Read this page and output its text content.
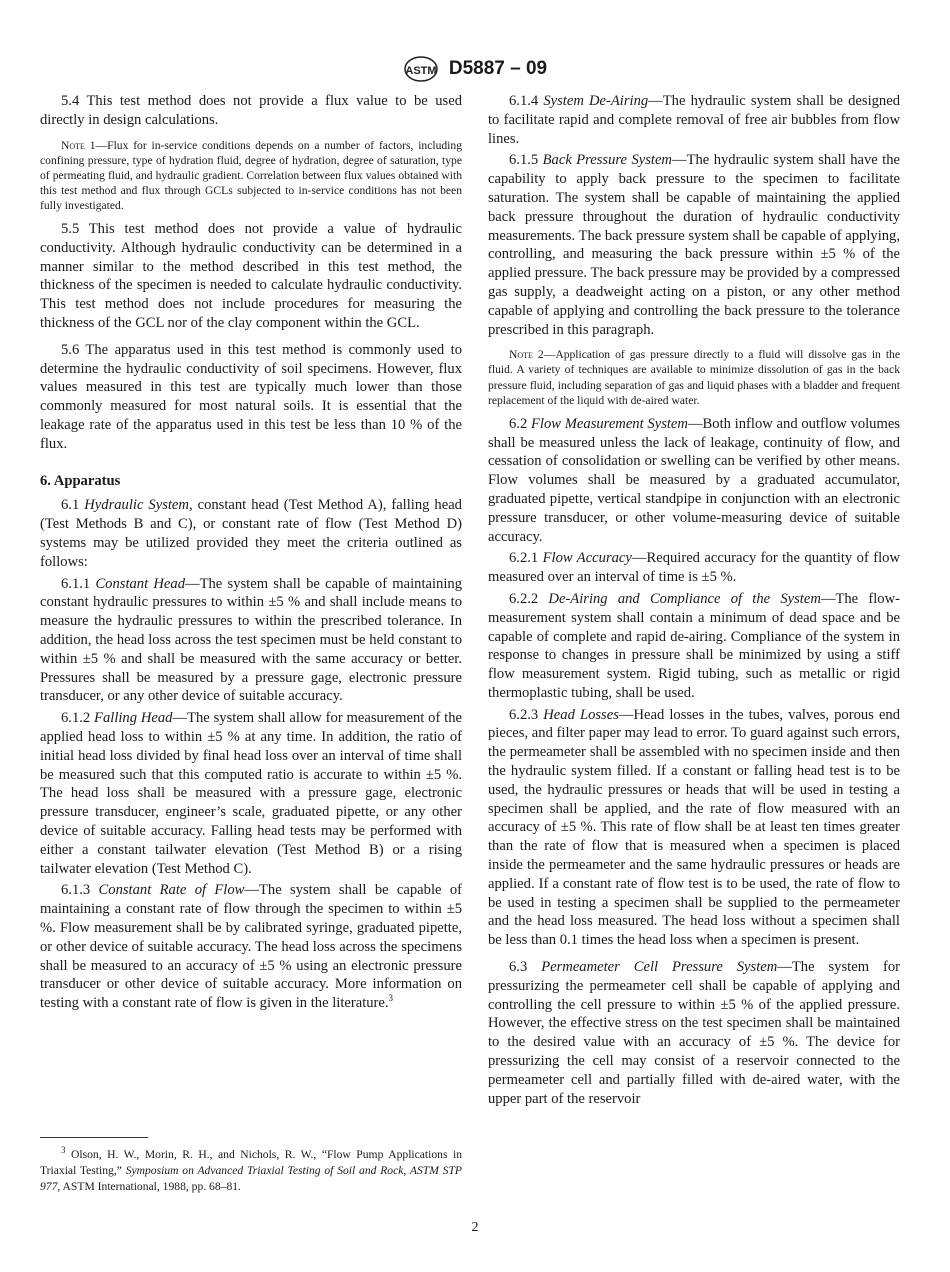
ASTM D5887 – 09

5.4 This test method does not provide a flux value to be used directly in design calculations.

Note 1—Flux for in-service conditions depends on a number of factors, including confining pressure, type of hydration fluid, degree of hydration, degree of saturation, type of permeating fluid, and hydraulic gradient. Correlation between flux values obtained with this test method and flux through GCLs subjected to in-service conditions has not been fully investigated.

5.5 This test method does not provide a value of hydraulic conductivity. Although hydraulic conductivity can be determined in a manner similar to the method described in this test method, the thickness of the specimen is needed to calculate hydraulic conductivity. This test method does not include procedures for measuring the thickness of the GCL nor of the clay component within the GCL.

5.6 The apparatus used in this test method is commonly used to determine the hydraulic conductivity of soil specimens. However, flux values measured in this test are typically much lower than those commonly measured for most natural soils. It is essential that the leakage rate of the apparatus used in this test be less than 10 % of the flux.

6. Apparatus

6.1 Hydraulic System, constant head (Test Method A), falling head (Test Methods B and C), or constant rate of flow (Test Method D) systems may be utilized provided they meet the criteria outlined as follows:

6.1.1 Constant Head—The system shall be capable of maintaining constant hydraulic pressures to within ±5 % and shall include means to measure the hydraulic pressures to within the prescribed tolerance. In addition, the head loss across the test specimen must be held constant to within ±5 % and shall be measured with the same accuracy or better. Pressures shall be measured by a pressure gage, electronic pressure transducer, or any other device of suitable accuracy.

6.1.2 Falling Head—The system shall allow for measurement of the applied head loss to within ±5 % at any time. In addition, the ratio of initial head loss divided by final head loss over an interval of time shall be measured such that this computed ratio is accurate to within ±5 %. The head loss shall be measured with a pressure gage, electronic pressure transducer, engineer’s scale, graduated pipette, or any other device of suitable accuracy. Falling head tests may be performed with either a constant tailwater elevation (Test Method B) or a rising tailwater elevation (Test Method C).

6.1.3 Constant Rate of Flow—The system shall be capable of maintaining a constant rate of flow through the specimen to within ±5 %. Flow measurement shall be by calibrated syringe, graduated pipette, or other device of suitable accuracy. The head loss across the specimens shall be measured to an accuracy of ±5 % using an electronic pressure transducer or other device of suitable accuracy. More information on testing with a constant rate of flow is given in the literature.$^3$

$^3$ Olson, H. W., Morin, R. H., and Nichols, R. W., “Flow Pump Applications in Triaxial Testing,” Symposium on Advanced Triaxial Testing of Soil and Rock, ASTM STP 977, ASTM International, 1988, pp. 68–81.

6.1.4 System De-Airing—The hydraulic system shall be designed to facilitate rapid and complete removal of free air bubbles from flow lines.

6.1.5 Back Pressure System—The hydraulic system shall have the capability to apply back pressure to the specimen to facilitate saturation. The system shall be capable of maintaining the applied back pressure throughout the duration of hydraulic conductivity measurements. The back pressure system shall be capable of applying, controlling, and measuring the back pressure within ±5 % of the applied pressure. The back pressure may be provided by a compressed gas supply, a deadweight acting on a piston, or any other method capable of applying and controlling the back pressure to the tolerance prescribed in this paragraph.

Note 2—Application of gas pressure directly to a fluid will dissolve gas in the fluid. A variety of techniques are available to minimize dissolution of gas in the back pressure fluid, including separation of gas and liquid phases with a bladder and frequent replacement of the liquid with de-aired water.

6.2 Flow Measurement System—Both inflow and outflow volumes shall be measured unless the lack of leakage, continuity of flow, and cessation of consolidation or swelling can be verified by other means. Flow volumes shall be measured by a graduated accumulator, graduated pipette, vertical standpipe in conjunction with an electronic pressure transducer, or other volume-measuring device of suitable accuracy.

6.2.1 Flow Accuracy—Required accuracy for the quantity of flow measured over an interval of time is ±5 %.

6.2.2 De-Airing and Compliance of the System—The flow-measurement system shall contain a minimum of dead space and be capable of complete and rapid de-airing. Compliance of the system in response to changes in pressure shall be minimized by using a stiff flow measurement system. Rigid tubing, such as metallic or rigid thermoplastic tubing, shall be used.

6.2.3 Head Losses—Head losses in the tubes, valves, porous end pieces, and filter paper may lead to error. To guard against such errors, the permeameter shall be assembled with no specimen inside and then the hydraulic system filled. If a constant or falling head test is to be used, the hydraulic pressures or heads that will be used in testing a specimen shall be applied, and the rate of flow measured with an accuracy of ±5 %. This rate of flow shall be at least ten times greater than the rate of flow that is measured when a specimen is placed inside the permeameter and the same hydraulic pressures or heads are applied. If a constant rate of flow test is to be used, the rate of flow to be used in testing a specimen shall be supplied to the permeameter and the head loss measured. The head loss without a specimen shall be less than 0.1 times the head loss when a specimen is present.

6.3 Permeameter Cell Pressure System—The system for pressurizing the permeameter cell shall be capable of applying and controlling the cell pressure to within ±5 % of the applied pressure. However, the effective stress on the test specimen shall be maintained to the desired value with an accuracy of ±5 %. The device for pressurizing the cell may consist of a reservoir connected to the permeameter cell and partially filled with de-aired water, with the upper part of the reservoir

2
